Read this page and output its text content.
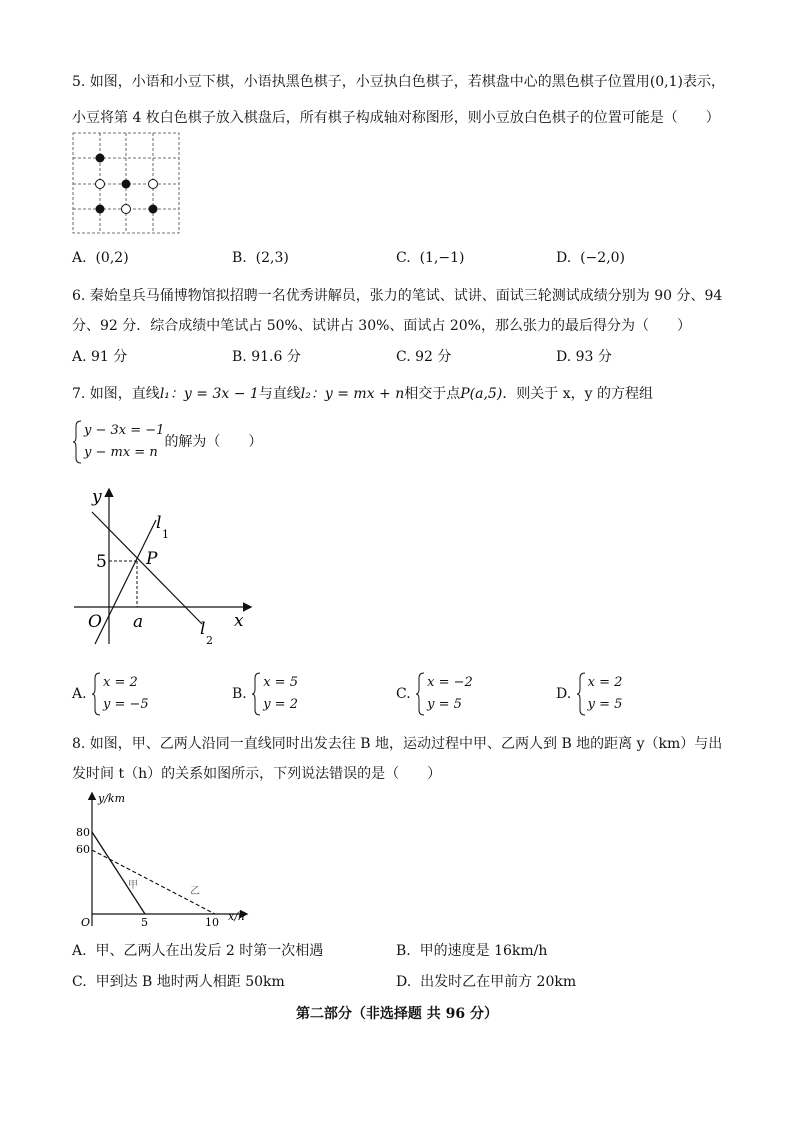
5. 如图，小语和小豆下棋，小语执黑色棋子，小豆执白色棋子，若棋盘中心的黑色棋子位置用(0,1)表示，
小豆将第 4 枚白色棋子放入棋盘后，所有棋子构成轴对称图形，则小豆放白色棋子的位置可能是（　　）
A. (0,2)	B. (2,3)	C. (1,−1)	D. (−2,0)
6. 秦始皇兵马俑博物馆拟招聘一名优秀讲解员，张力的笔试、试讲、面试三轮测试成绩分别为 90 分、94
分、92 分．综合成绩中笔试占 50%、试讲占 30%、面试占 20%，那么张力的最后得分为（　　）
A. 91 分	B. 91.6 分	C. 92 分	D. 93 分
7. 如图，直线l₁：y = 3x − 1与直线l₂：y = mx + n相交于点P(a,5)．则关于 x，y 的方程组
y − 3x = −1
y − mx = n
的解为（　　）
y
x
O
5
a
P
l
1
l
2
A.
x = 2
y = −5
B.
x = 5
y = 2
C.
x = −2
y = 5
D.
x = 2
y = 5
8. 如图，甲、乙两人沿同一直线同时出发去往 B 地，运动过程中甲、乙两人到 B 地的距离 y（km）与出
发时间 t（h）的关系如图所示，下列说法错误的是（　　）
y/km
x/h
O
80
60
5	10
甲
乙
A. 甲、乙两人在出发后 2 时第一次相遇	B. 甲的速度是 16km/h
C. 甲到达 B 地时两人相距 50km	D. 出发时乙在甲前方 20km
第二部分（非选择题 共 96 分）
